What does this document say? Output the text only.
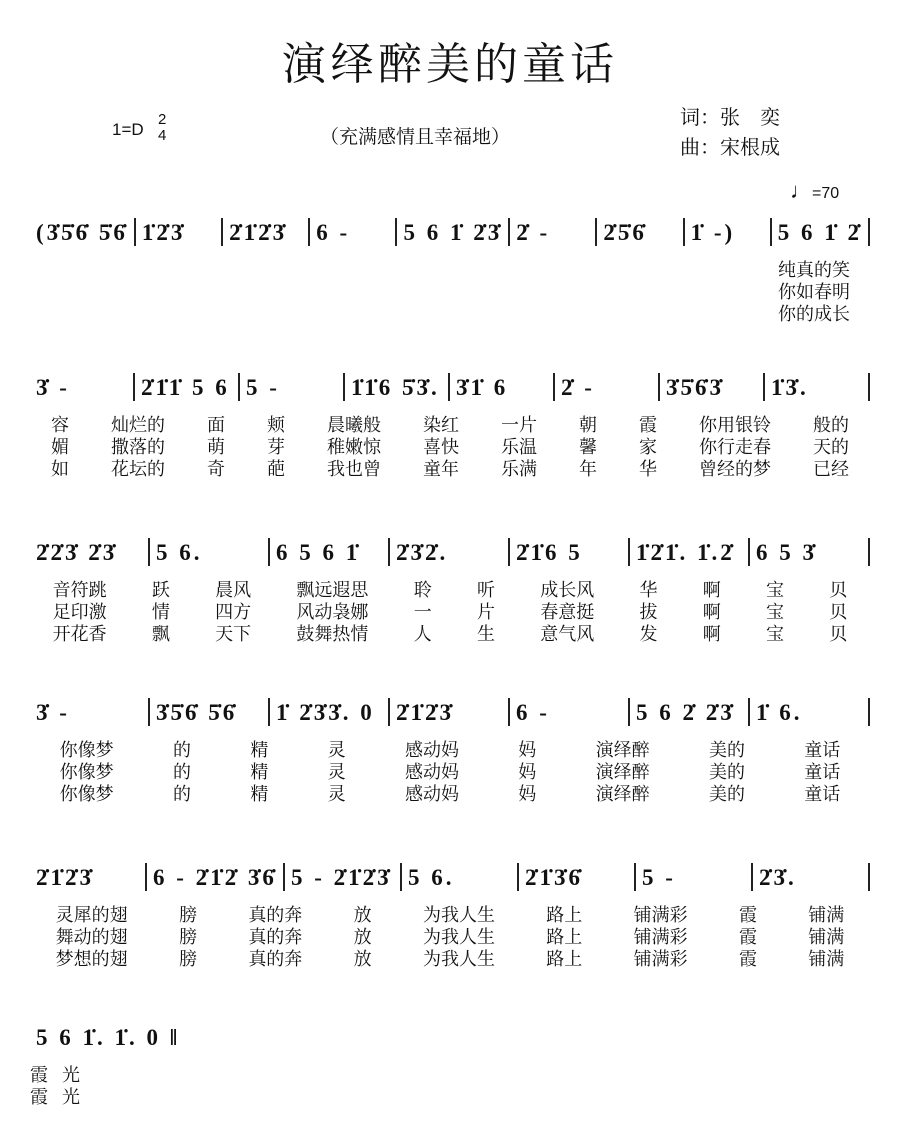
演绎醉美的童话
1=D
2
4	（充满感情且幸福地）
词：张　奕
曲：宋根成
♩=70
(3̇5̇6̇ 5̇6̇ 1̇2̇3̇	2̇1̇2̇3̇	6 -	5 6 1̇ 2̇3̇ 2̇ -	2̇5̇6̇	1̇ -)	5 6 1̇ 2̇
纯真的笑
你如春明
你的成长
3̇ -	2̇1̇1̇ 5 6 5 -	1̇1̇6 5̇3̇. 3̇1̇ 6	2̇ -	3̇5̇6̇3̇	1̇3̇.
容 灿烂的 面 颊 晨曦般 染红 一片 朝 霞 你用银铃 般的
媚 撒落的 萌 芽 稚嫩惊 喜快 乐温 馨 家 你行走春 天的
如 花坛的 奇 葩 我也曾 童年 乐满 年 华 曾经的梦 已经
2̇2̇3̇ 2̇3̇	5 6.	6 5 6 1̇	2̇3̇2̇.	2̇1̇6 5	1̇2̇1̇. 1̇.2̇ 6 5 3̇
音符跳	跃	晨风	飘远遐思	聆	听	成长风	华	啊	宝	贝
足印激	情	四方	风动袅娜	一	片	春意挺	拔	啊	宝	贝
开花香	飘	天下	鼓舞热情	人	生	意气风	发	啊	宝	贝
3̇ -	3̇5̇6̇ 5̇6̇	1̇ 2̇3̇3̇. 0 2̇1̇2̇3̇	6 -	5 6 2̇ 2̇3̇ 1̇ 6.
你像梦	的	精	灵	感动妈	妈	演绎醉	美的	童话
你像梦	的	精	灵	感动妈	妈	演绎醉	美的	童话
你像梦	的	精	灵	感动妈	妈	演绎醉	美的	童话
2̇1̇2̇3̇	6 - 2̇1̇2̇ 3̇6̇ 5 - 2̇1̇2̇3̇ 5 6.	2̇1̇3̇6̇	5 -	2̇3̇.
灵犀的翅	膀	真的奔	放	为我人生	路上	铺满彩	霞	铺满
舞动的翅	膀	真的奔	放	为我人生	路上	铺满彩	霞	铺满
梦想的翅	膀	真的奔	放	为我人生	路上	铺满彩	霞	铺满
5 6 1̇. 1̇. 0 ‖
霞 光
霞 光
